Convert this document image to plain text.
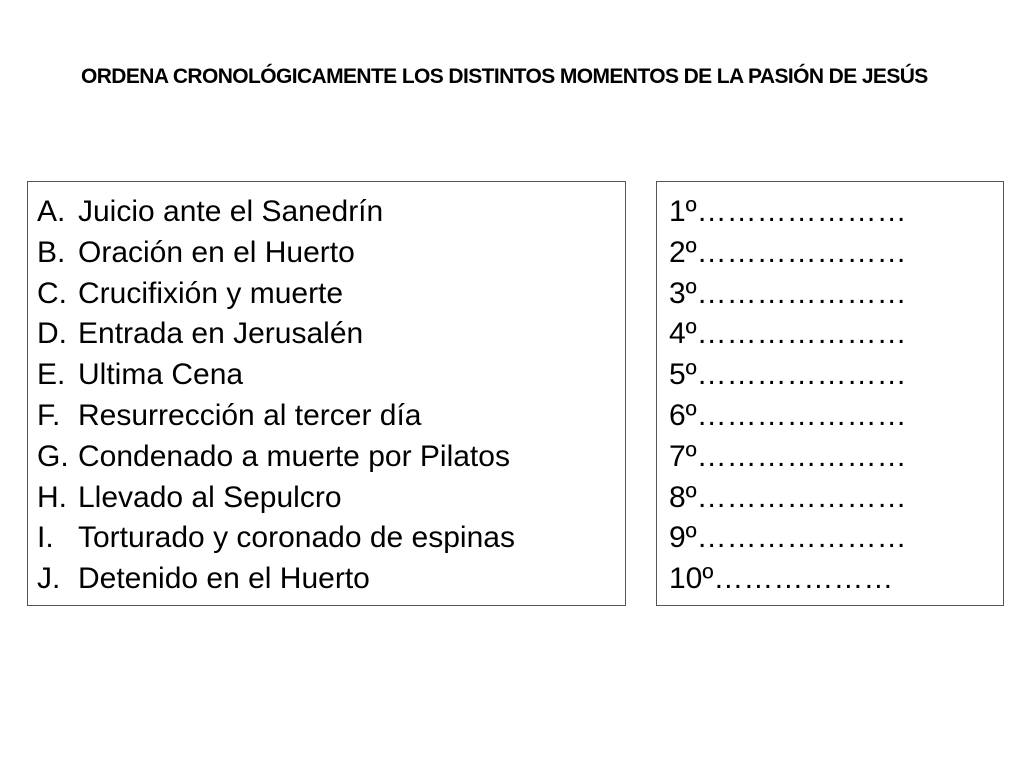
ORDENA CRONOLÓGICAMENTE LOS DISTINTOS MOMENTOS DE LA PASIÓN DE JESÚS
A. Juicio ante el Sanedrín
B. Oración en el Huerto
C. Crucifixión y muerte
D. Entrada en Jerusalén
E. Ultima Cena
F. Resurrección al tercer día
G. Condenado a muerte por Pilatos
H. Llevado al Sepulcro
I. Torturado y coronado de espinas
J. Detenido en el Huerto
1º…………………
2º…………………
3º…………………
4º…………………
5º…………………
6º…………………
7º…………………
8º…………………
9º…………………
10º………………
